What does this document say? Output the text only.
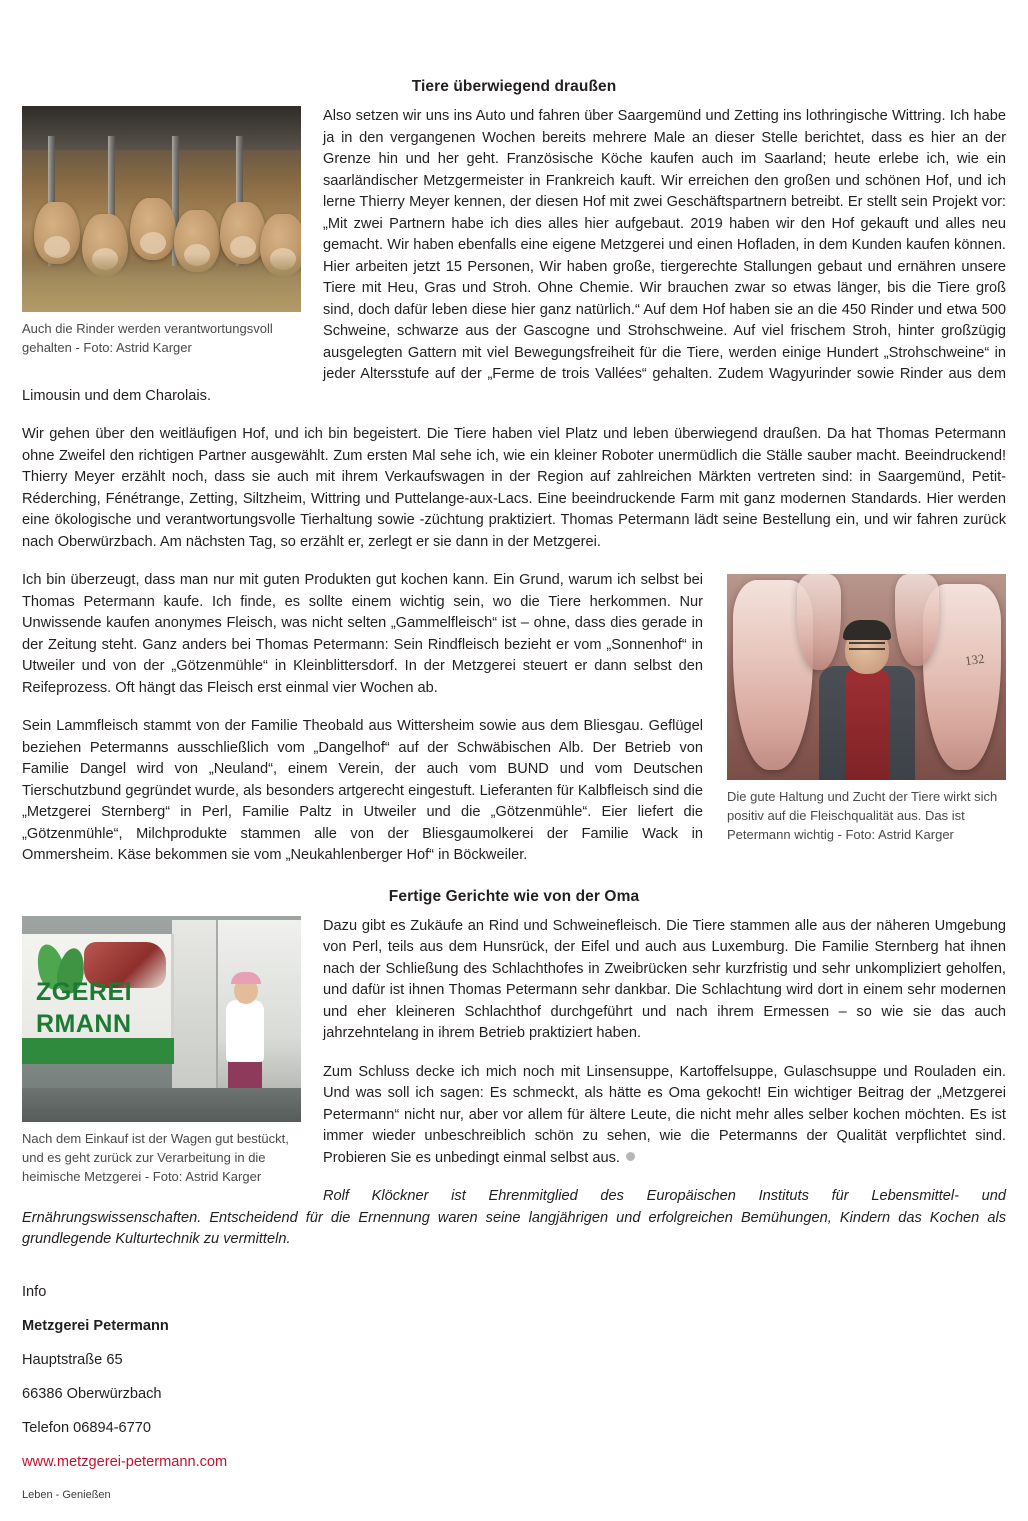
Tiere überwiegend draußen
Auch die Rinder werden verantwortungsvoll gehalten - Foto: Astrid Karger

Also setzen wir uns ins Auto und fahren über Saargemünd und Zetting ins lothringische Wittring. Ich habe ja in den vergangenen Wochen bereits mehrere Male an dieser Stelle berichtet, dass es hier an der Grenze hin und her geht. Französische Köche kaufen auch im Saarland; heute erlebe ich, wie ein saarländischer Metzgermeister in Frankreich kauft. Wir erreichen den großen und schönen Hof, und ich lerne Thierry Meyer kennen, der diesen Hof mit zwei Geschäftspartnern betreibt. Er stellt sein Projekt vor: „Mit zwei Partnern habe ich dies alles hier aufgebaut. 2019 haben wir den Hof gekauft und alles neu gemacht. Wir haben ebenfalls eine eigene Metzgerei und einen Hofladen, in dem Kunden kaufen können. Hier arbeiten jetzt 15 Personen, Wir haben große, tiergerechte Stallungen gebaut und ernähren unsere Tiere mit Heu, Gras und Stroh. Ohne Chemie. Wir brauchen zwar so etwas länger, bis die Tiere groß sind, doch dafür leben diese hier ganz natürlich.“ Auf dem Hof haben sie an die 450 Rinder und etwa 500 Schweine, schwarze aus der Gascogne und Strohschweine. Auf viel frischem Stroh, hinter großzügig ausgelegten Gattern mit viel Bewegungsfreiheit für die Tiere, werden einige Hundert „Strohschweine“ in jeder Altersstufe auf der „Ferme de trois Vallées“ gehalten. Zudem Wagyurinder sowie Rinder aus dem Limousin und dem Charolais.

Wir gehen über den weitläufigen Hof, und ich bin begeistert. Die Tiere haben viel Platz und leben überwiegend draußen. Da hat Thomas Petermann ohne Zweifel den richtigen Partner ausgewählt. Zum ersten Mal sehe ich, wie ein kleiner Roboter unermüdlich die Ställe sauber macht. Beeindruckend! Thierry Meyer erzählt noch, dass sie auch mit ihrem Verkaufswagen in der Region auf zahlreichen Märkten vertreten sind: in Saargemünd, Petit-Réderching, Fénétrange, Zetting, Siltzheim, Wittring und Puttelange-aux-Lacs. Eine beeindruckende Farm mit ganz modernen Standards. Hier werden eine ökologische und verantwortungsvolle Tierhaltung sowie -züchtung praktiziert. Thomas Petermann lädt seine Bestellung ein, und wir fahren zurück nach Oberwürzbach. Am nächsten Tag, so erzählt er, zerlegt er sie dann in der Metzgerei.

132
Die gute Haltung und Zucht der Tiere wirkt sich positiv auf die Fleischqualität aus. Das ist Petermann wichtig - Foto: Astrid Karger

Ich bin überzeugt, dass man nur mit guten Produkten gut kochen kann. Ein Grund, warum ich selbst bei Thomas Petermann kaufe. Ich finde, es sollte einem wichtig sein, wo die Tiere herkommen. Nur Unwissende kaufen anonymes Fleisch, was nicht selten „Gammelfleisch“ ist – ohne, dass dies gerade in der Zeitung steht. Ganz anders bei Thomas Petermann: Sein Rindfleisch bezieht er vom „Sonnenhof“ in Utweiler und von der „Götzenmühle“ in Kleinblittersdorf. In der Metzgerei steuert er dann selbst den Reifeprozess. Oft hängt das Fleisch erst einmal vier Wochen ab.

Sein Lammfleisch stammt von der Familie Theobald aus Wittersheim sowie aus dem Bliesgau. Geflügel beziehen Petermanns ausschließlich vom „Dangelhof“ auf der Schwäbischen Alb. Der Betrieb von Familie Dangel wird von „Neuland“, einem Verein, der auch vom BUND und vom Deutschen Tierschutzbund gegründet wurde, als besonders artgerecht eingestuft. Lieferanten für Kalbfleisch sind die „Metzgerei Sternberg“ in Perl, Familie Paltz in Utweiler und die „Götzenmühle“. Eier liefert die „Götzenmühle“, Milchprodukte stammen alle von der Bliesgaumolkerei der Familie Wack in Ommersheim. Käse bekommen sie vom „Neukahlenberger Hof“ in Böckweiler.

Fertige Gerichte wie von der Oma
ZGEREI
RMANN
Nach dem Einkauf ist der Wagen gut bestückt, und es geht zurück zur Verarbeitung in die heimische Metzgerei - Foto: Astrid Karger

Dazu gibt es Zukäufe an Rind und Schweinefleisch. Die Tiere stammen alle aus der näheren Umgebung von Perl, teils aus dem Hunsrück, der Eifel und auch aus Luxemburg. Die Familie Sternberg hat ihnen nach der Schließung des Schlachthofes in Zweibrücken sehr kurzfristig und sehr unkompliziert geholfen, und dafür ist ihnen Thomas Petermann sehr dankbar. Die Schlachtung wird dort in einem sehr modernen und eher kleineren Schlachthof durchgeführt und nach ihrem Ermessen – so wie sie das auch jahrzehntelang in ihrem Betrieb praktiziert haben.

Zum Schluss decke ich mich noch mit Linsensuppe, Kartoffelsuppe, Gulaschsuppe und Rouladen ein. Und was soll ich sagen: Es schmeckt, als hätte es Oma gekocht! Ein wichtiger Beitrag der „Metzgerei Petermann“ nicht nur, aber vor allem für ältere Leute, die nicht mehr alles selber kochen möchten. Es ist immer wieder unbeschreiblich schön zu sehen, wie die Petermanns der Qualität verpflichtet sind. Probieren Sie es unbedingt einmal selbst aus.

Rolf Klöckner ist Ehrenmitglied des Europäischen Instituts für Lebensmittel- und Ernährungswissenschaften. Entscheidend für die Ernennung waren seine langjährigen und erfolgreichen Bemühungen, Kindern das Kochen als grundlegende Kulturtechnik zu vermitteln.

Info
Metzgerei Petermann
Hauptstraße 65
66386 Oberwürzbach
Telefon 06894-6770
www.metzgerei-petermann.com
Leben - Genießen
